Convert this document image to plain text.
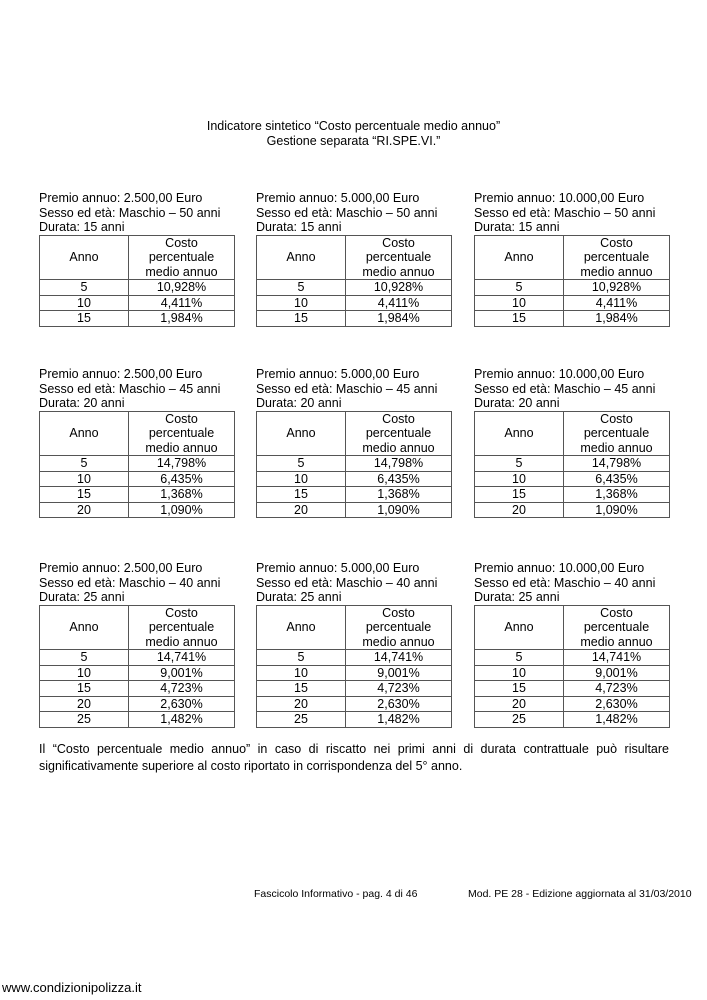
Indicatore sintetico “Costo percentuale medio annuo”
Gestione separata “RI.SPE.VI.”
Premio annuo: 2.500,00 Euro
Sesso ed età: Maschio – 50 anni
Durata: 15 anni
Anno	Costo
percentuale
medio annuo

5	10,928%
10	4,411%
15	1,984%
Premio annuo: 5.000,00 Euro
Sesso ed età: Maschio – 50 anni
Durata: 15 anni
Anno	Costo
percentuale
medio annuo

5	10,928%
10	4,411%
15	1,984%
Premio annuo: 10.000,00 Euro
Sesso ed età: Maschio – 50 anni
Durata: 15 anni
Anno	Costo
percentuale
medio annuo

5	10,928%
10	4,411%
15	1,984%
Premio annuo: 2.500,00 Euro
Sesso ed età: Maschio – 45 anni
Durata: 20 anni
Anno	Costo
percentuale
medio annuo

5	14,798%
10	6,435%
15	1,368%
20	1,090%
Premio annuo: 5.000,00 Euro
Sesso ed età: Maschio – 45 anni
Durata: 20 anni
Anno	Costo
percentuale
medio annuo

5	14,798%
10	6,435%
15	1,368%
20	1,090%
Premio annuo: 10.000,00 Euro
Sesso ed età: Maschio – 45 anni
Durata: 20 anni
Anno	Costo
percentuale
medio annuo

5	14,798%
10	6,435%
15	1,368%
20	1,090%
Premio annuo: 2.500,00 Euro
Sesso ed età: Maschio – 40 anni
Durata: 25 anni
Anno	Costo
percentuale
medio annuo

5	14,741%
10	9,001%
15	4,723%
20	2,630%
25	1,482%
Premio annuo: 5.000,00 Euro
Sesso ed età: Maschio – 40 anni
Durata: 25 anni
Anno	Costo
percentuale
medio annuo

5	14,741%
10	9,001%
15	4,723%
20	2,630%
25	1,482%
Premio annuo: 10.000,00 Euro
Sesso ed età: Maschio – 40 anni
Durata: 25 anni
Anno	Costo
percentuale
medio annuo

5	14,741%
10	9,001%
15	4,723%
20	2,630%
25	1,482%
Il “Costo percentuale medio annuo” in caso di riscatto nei primi anni di durata contrattuale può risultare
significativamente superiore al costo riportato in corrispondenza del 5° anno.
Fascicolo Informativo - pag. 4 di 46	Mod. PE 28 - Edizione aggiornata al 31/03/2010
www.condizionipolizza.it
